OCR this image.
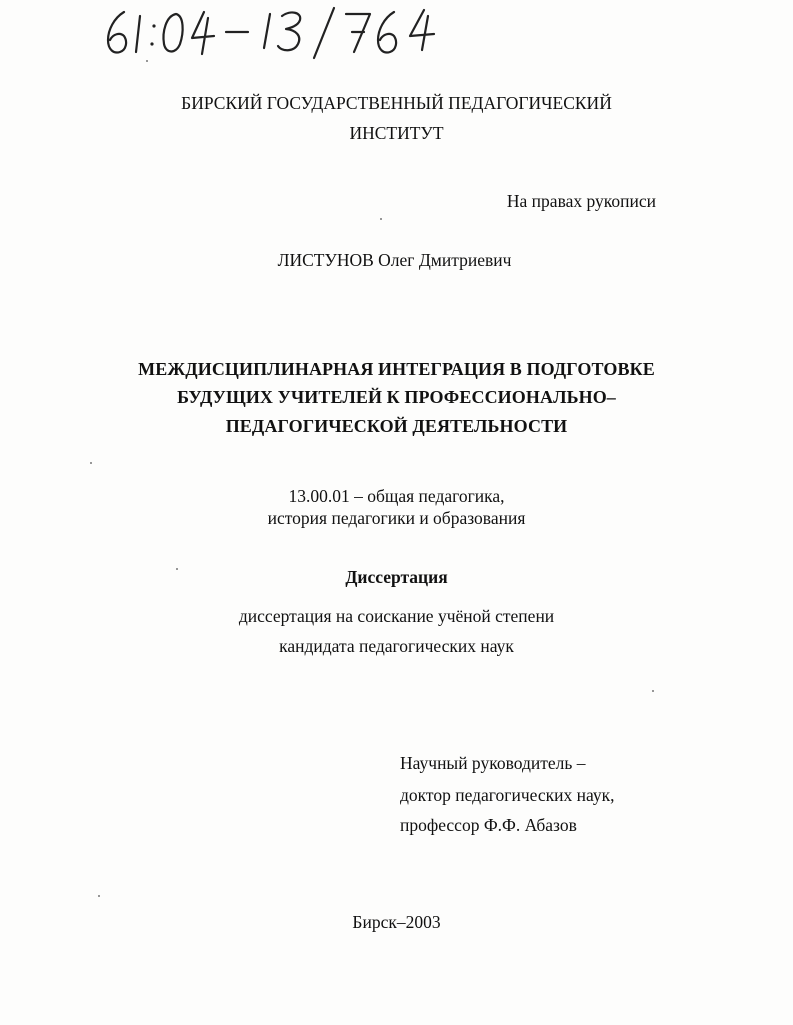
61:04-13/764
БИРСКИЙ ГОСУДАРСТВЕННЫЙ ПЕДАГОГИЧЕСКИЙ
ИНСТИТУТ
На правах рукописи
ЛИСТУНОВ Олег Дмитриевич
МЕЖДИСЦИПЛИНАРНАЯ ИНТЕГРАЦИЯ В ПОДГОТОВКЕ
БУДУЩИХ УЧИТЕЛЕЙ К ПРОФЕССИОНАЛЬНО–
ПЕДАГОГИЧЕСКОЙ ДЕЯТЕЛЬНОСТИ
13.00.01 – общая педагогика,
история педагогики и образования
Диссертация
диссертация на соискание учёной степени
кандидата педагогических наук
Научный руководитель –
доктор педагогических наук,
профессор Ф.Ф. Абазов
Бирск–2003
